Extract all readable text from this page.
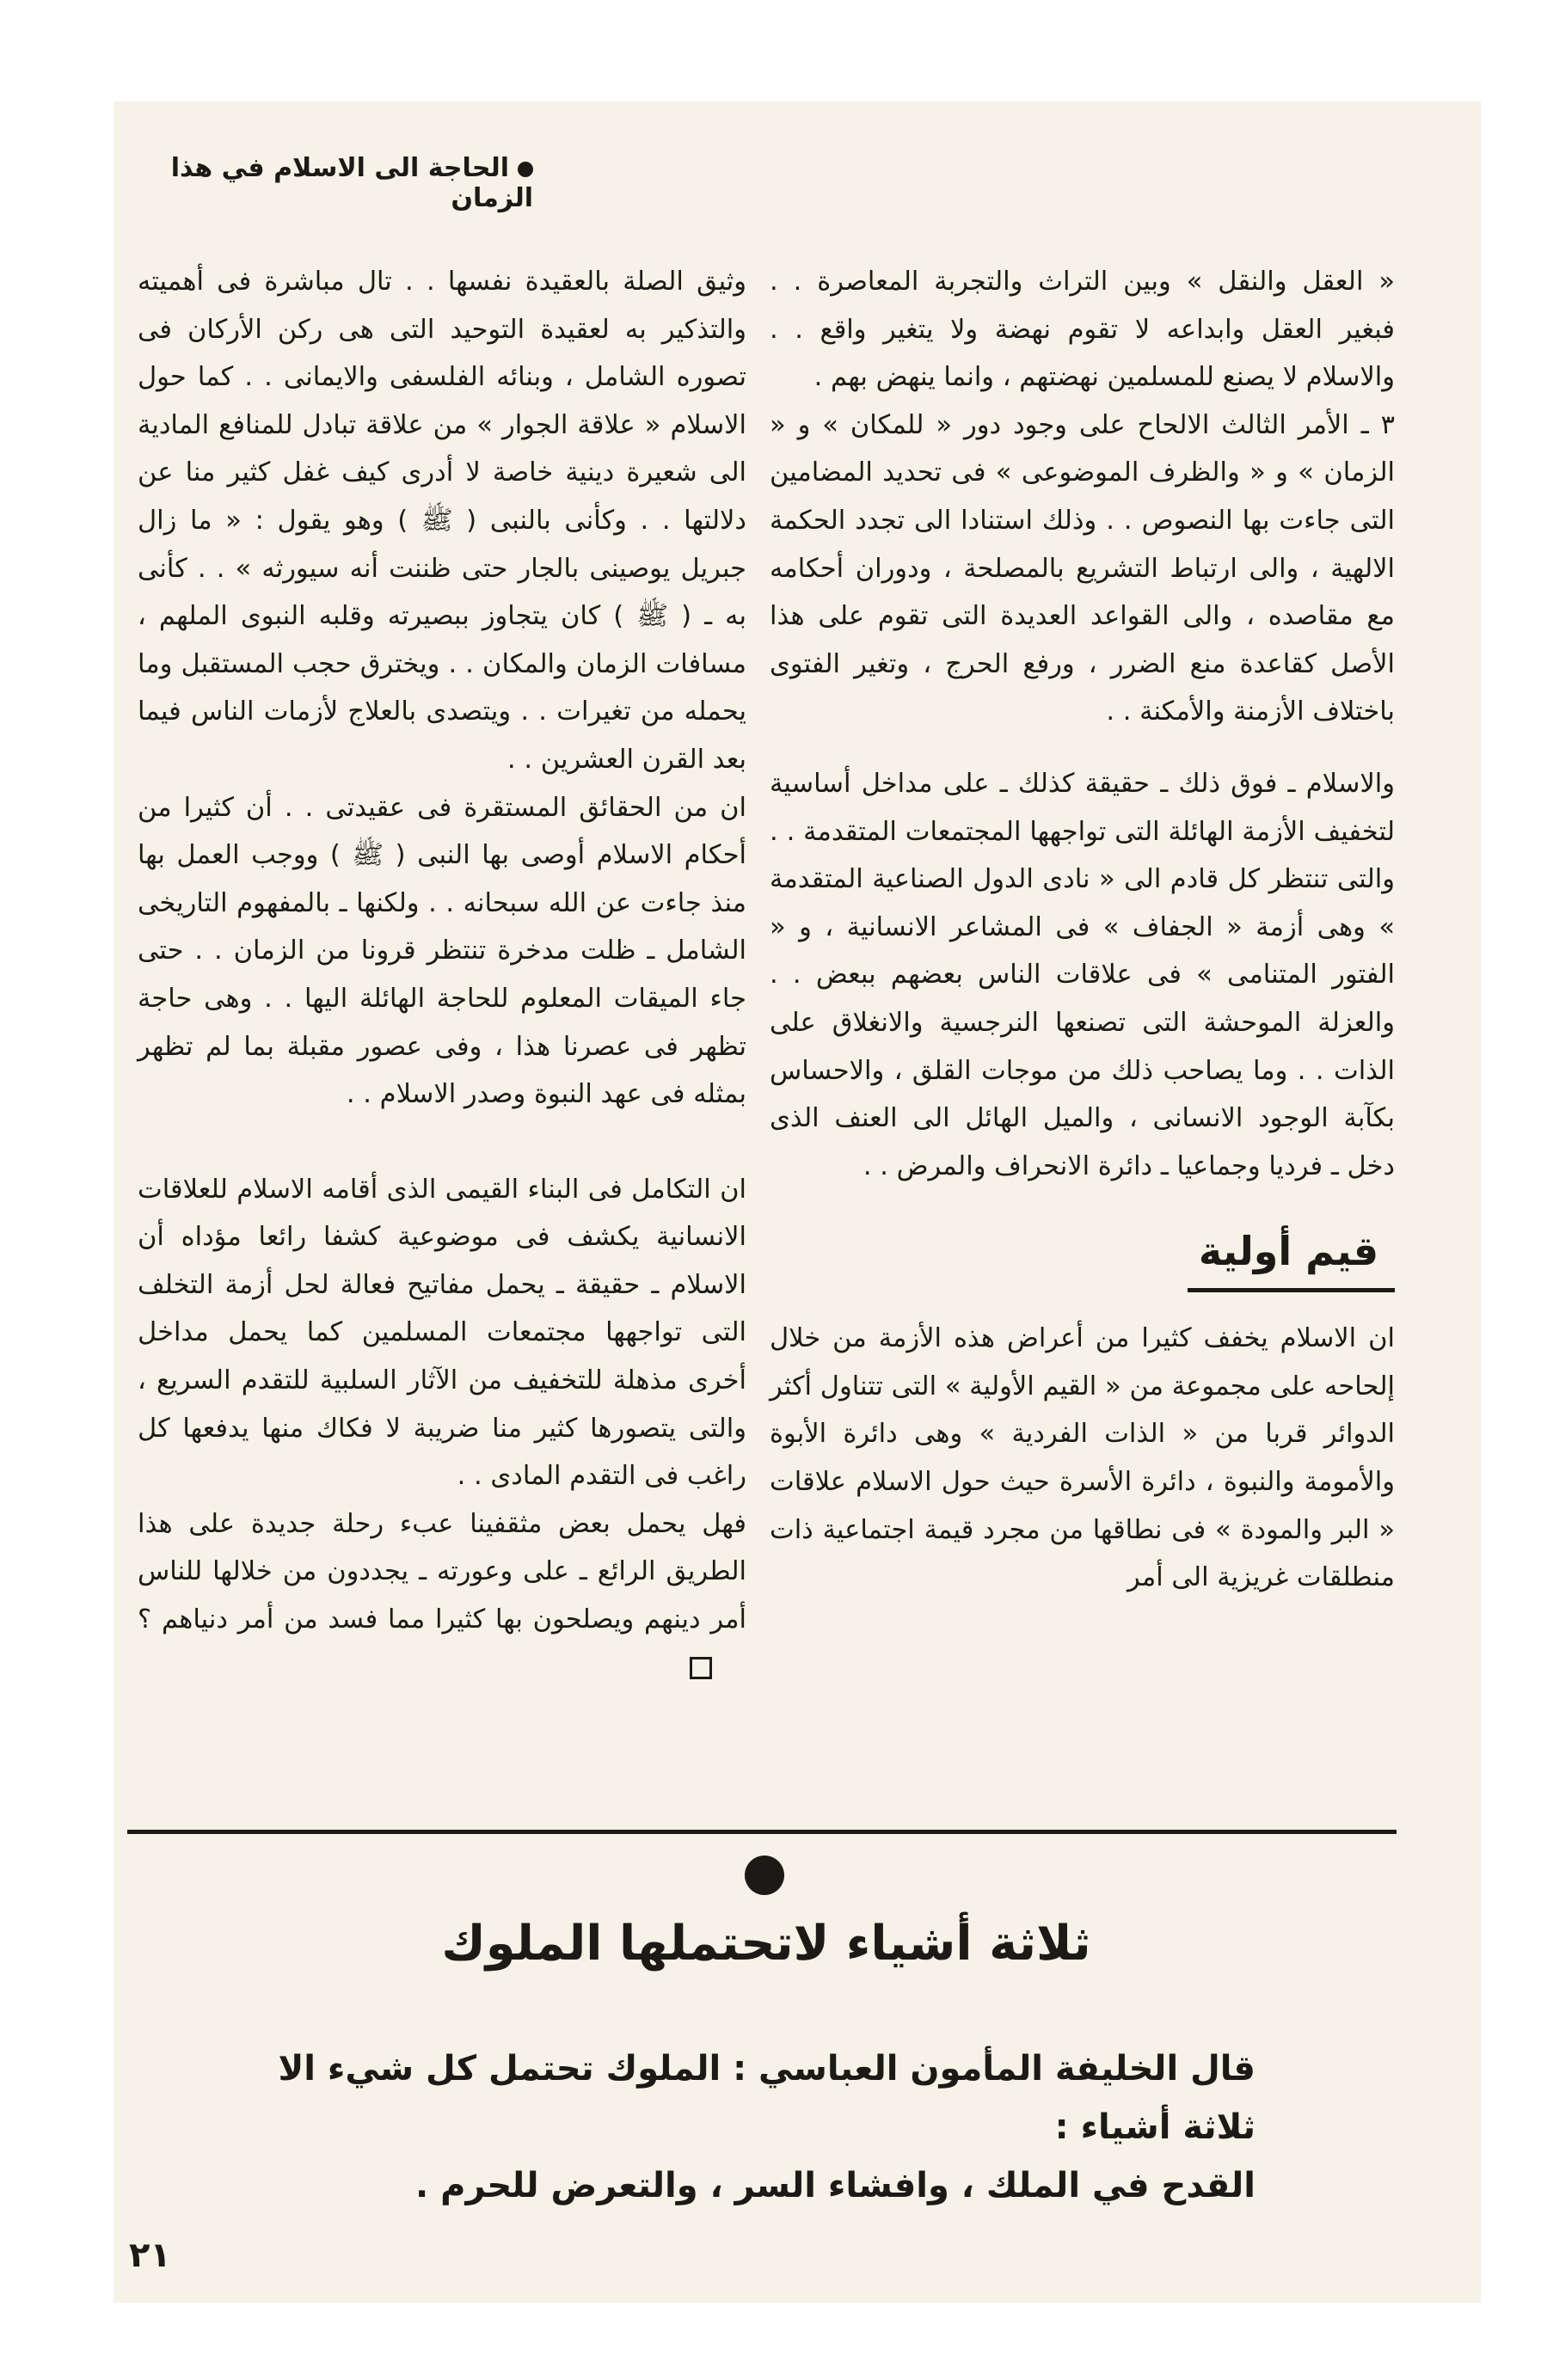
الحاجة الى الاسلام في هذا الزمان

« العقل والنقل » وبين التراث والتجربة المعاصرة . . فبغير العقل وابداعه لا تقوم نهضة ولا يتغير واقع . . والاسلام لا يصنع للمسلمين نهضتهم ، وانما ينهض بهم .

٣ ـ الأمر الثالث الالحاح على وجود دور « للمكان » و « الزمان » و « والظرف الموضوعى » فى تحديد المضامين التى جاءت بها النصوص . . وذلك استنادا الى تجدد الحكمة الالهية ، والى ارتباط التشريع بالمصلحة ، ودوران أحكامه مع مقاصده ، والى القواعد العديدة التى تقوم على هذا الأصل كقاعدة منع الضرر ، ورفع الحرج ، وتغير الفتوى باختلاف الأزمنة والأمكنة . .

والاسلام ـ فوق ذلك ـ حقيقة كذلك ـ على مداخل أساسية لتخفيف الأزمة الهائلة التى تواجهها المجتمعات المتقدمة . . والتى تنتظر كل قادم الى « نادى الدول الصناعية المتقدمة » وهى أزمة « الجفاف » فى المشاعر الانسانية ، و « الفتور المتنامى » فى علاقات الناس بعضهم ببعض . . والعزلة الموحشة التى تصنعها النرجسية والانغلاق على الذات . . وما يصاحب ذلك من موجات القلق ، والاحساس بكآبة الوجود الانسانى ، والميل الهائل الى العنف الذى دخل ـ فرديا وجماعيا ـ دائرة الانحراف والمرض . .

قيم أولية

ان الاسلام يخفف كثيرا من أعراض هذه الأزمة من خلال إلحاحه على مجموعة من « القيم الأولية » التى تتناول أكثر الدوائر قربا من « الذات الفردية » وهى دائرة الأبوة والأمومة والنبوة ، دائرة الأسرة حيث حول الاسلام علاقات « البر والمودة » فى نطاقها من مجرد قيمة اجتماعية ذات منطلقات غريزية الى أمر

وثيق الصلة بالعقيدة نفسها . . تال مباشرة فى أهميته والتذكير به لعقيدة التوحيد التى هى ركن الأركان فى تصوره الشامل ، وبنائه الفلسفى والايمانى . . كما حول الاسلام « علاقة الجوار » من علاقة تبادل للمنافع المادية الى شعيرة دينية خاصة لا أدرى كيف غفل كثير منا عن دلالتها . . وكأنى بالنبى ( ﷺ ) وهو يقول : « ما زال جبريل يوصينى بالجار حتى ظننت أنه سيورثه » . . كأنى به ـ ( ﷺ ) كان يتجاوز ببصيرته وقلبه النبوى الملهم ، مسافات الزمان والمكان . . ويخترق حجب المستقبل وما يحمله من تغيرات . . ويتصدى بالعلاج لأزمات الناس فيما بعد القرن العشرين . .

ان من الحقائق المستقرة فى عقيدتى . . أن كثيرا من أحكام الاسلام أوصى بها النبى ( ﷺ ) ووجب العمل بها منذ جاءت عن الله سبحانه . . ولكنها ـ بالمفهوم التاريخى الشامل ـ ظلت مدخرة تنتظر قرونا من الزمان . . حتى جاء الميقات المعلوم للحاجة الهائلة اليها . . وهى حاجة تظهر فى عصرنا هذا ، وفى عصور مقبلة بما لم تظهر بمثله فى عهد النبوة وصدر الاسلام . .

ان التكامل فى البناء القيمى الذى أقامه الاسلام للعلاقات الانسانية يكشف فى موضوعية كشفا رائعا مؤداه أن الاسلام ـ حقيقة ـ يحمل مفاتيح فعالة لحل أزمة التخلف التى تواجهها مجتمعات المسلمين كما يحمل مداخل أخرى مذهلة للتخفيف من الآثار السلبية للتقدم السريع ، والتى يتصورها كثير منا ضريبة لا فكاك منها يدفعها كل راغب فى التقدم المادى . .

فهل يحمل بعض مثقفينا عبء رحلة جديدة على هذا الطريق الرائع ـ على وعورته ـ يجددون من خلالها للناس أمر دينهم ويصلحون بها كثيرا مما فسد من أمر دنياهم ؟

ثلاثة أشياء لاتحتملها الملوك

قال الخليفة المأمون العباسي : الملوك تحتمل كل شيء الا ثلاثة أشياء :

القدح في الملك ، وافشاء السر ، والتعرض للحرم .

٢١
